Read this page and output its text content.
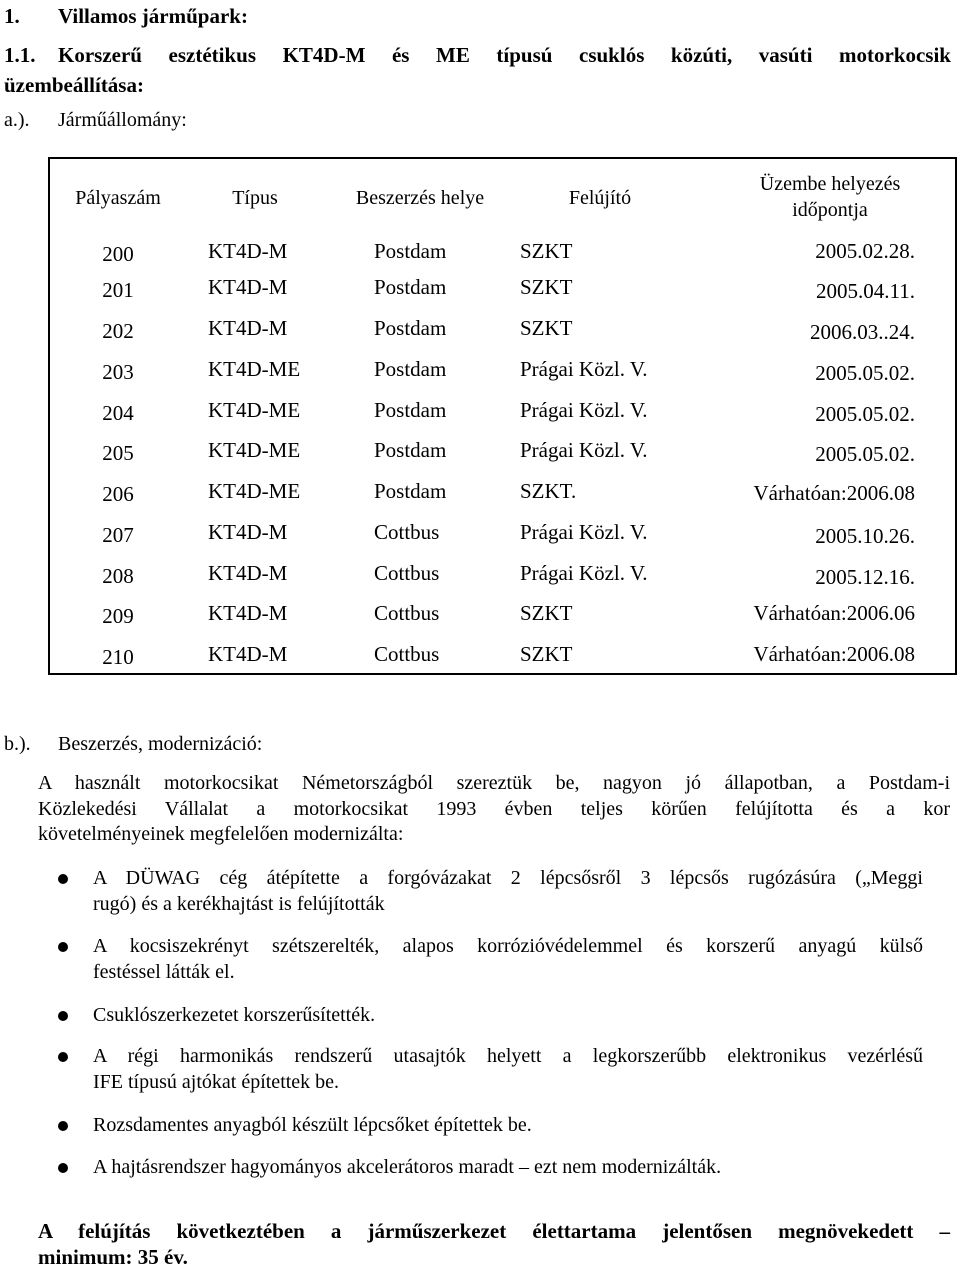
1. Villamos járműpark:
1.1. Korszerű esztétikus KT4D-M és ME típusú csuklós közúti, vasúti motorkocsik
üzembeállítása:
a.). Járműállomány:
Pályaszám	Típus	Beszerzés helye	Felújító
Üzembe helyezés
időpontja
200	KT4D-M	Postdam	SZKT	2005.02.28.
201	KT4D-M	Postdam	SZKT	2005.04.11.
202	KT4D-M	Postdam	SZKT	2006.03..24.
203	KT4D-ME	Postdam	Prágai Közl. V.	2005.05.02.
204	KT4D-ME	Postdam	Prágai Közl. V.	2005.05.02.
205	KT4D-ME	Postdam	Prágai Közl. V.	2005.05.02.
206	KT4D-ME	Postdam	SZKT.	Várhatóan:2006.08
207	KT4D-M	Cottbus	Prágai Közl. V.	2005.10.26.
208	KT4D-M	Cottbus	Prágai Közl. V.	2005.12.16.
209	KT4D-M	Cottbus	SZKT	Várhatóan:2006.06
210	KT4D-M	Cottbus	SZKT	Várhatóan:2006.08
b.). Beszerzés, modernizáció:
A használt motorkocsikat Németországból szereztük be, nagyon jó állapotban, a Postdam-i
Közlekedési Vállalat a motorkocsikat 1993 évben teljes körűen felújította és a kor
követelményeinek megfelelően modernizálta:
A DÜWAG cég átépítette a forgóvázakat 2 lépcsősről 3 lépcsős rugózásúra („Meggi
rugó) és a kerékhajtást is felújították
A kocsiszekrényt szétszerelték, alapos korrózióvédelemmel és korszerű anyagú külső
festéssel látták el.
Csuklószerkezetet korszerűsítették.
A régi harmonikás rendszerű utasajtók helyett a legkorszerűbb elektronikus vezérlésű
IFE típusú ajtókat építettek be.
Rozsdamentes anyagból készült lépcsőket építettek be.
A hajtásrendszer hagyományos akcelerátoros maradt – ezt nem modernizálták.
A felújítás következtében a járműszerkezet élettartama jelentősen megnövekedett –
minimum: 35 év.
